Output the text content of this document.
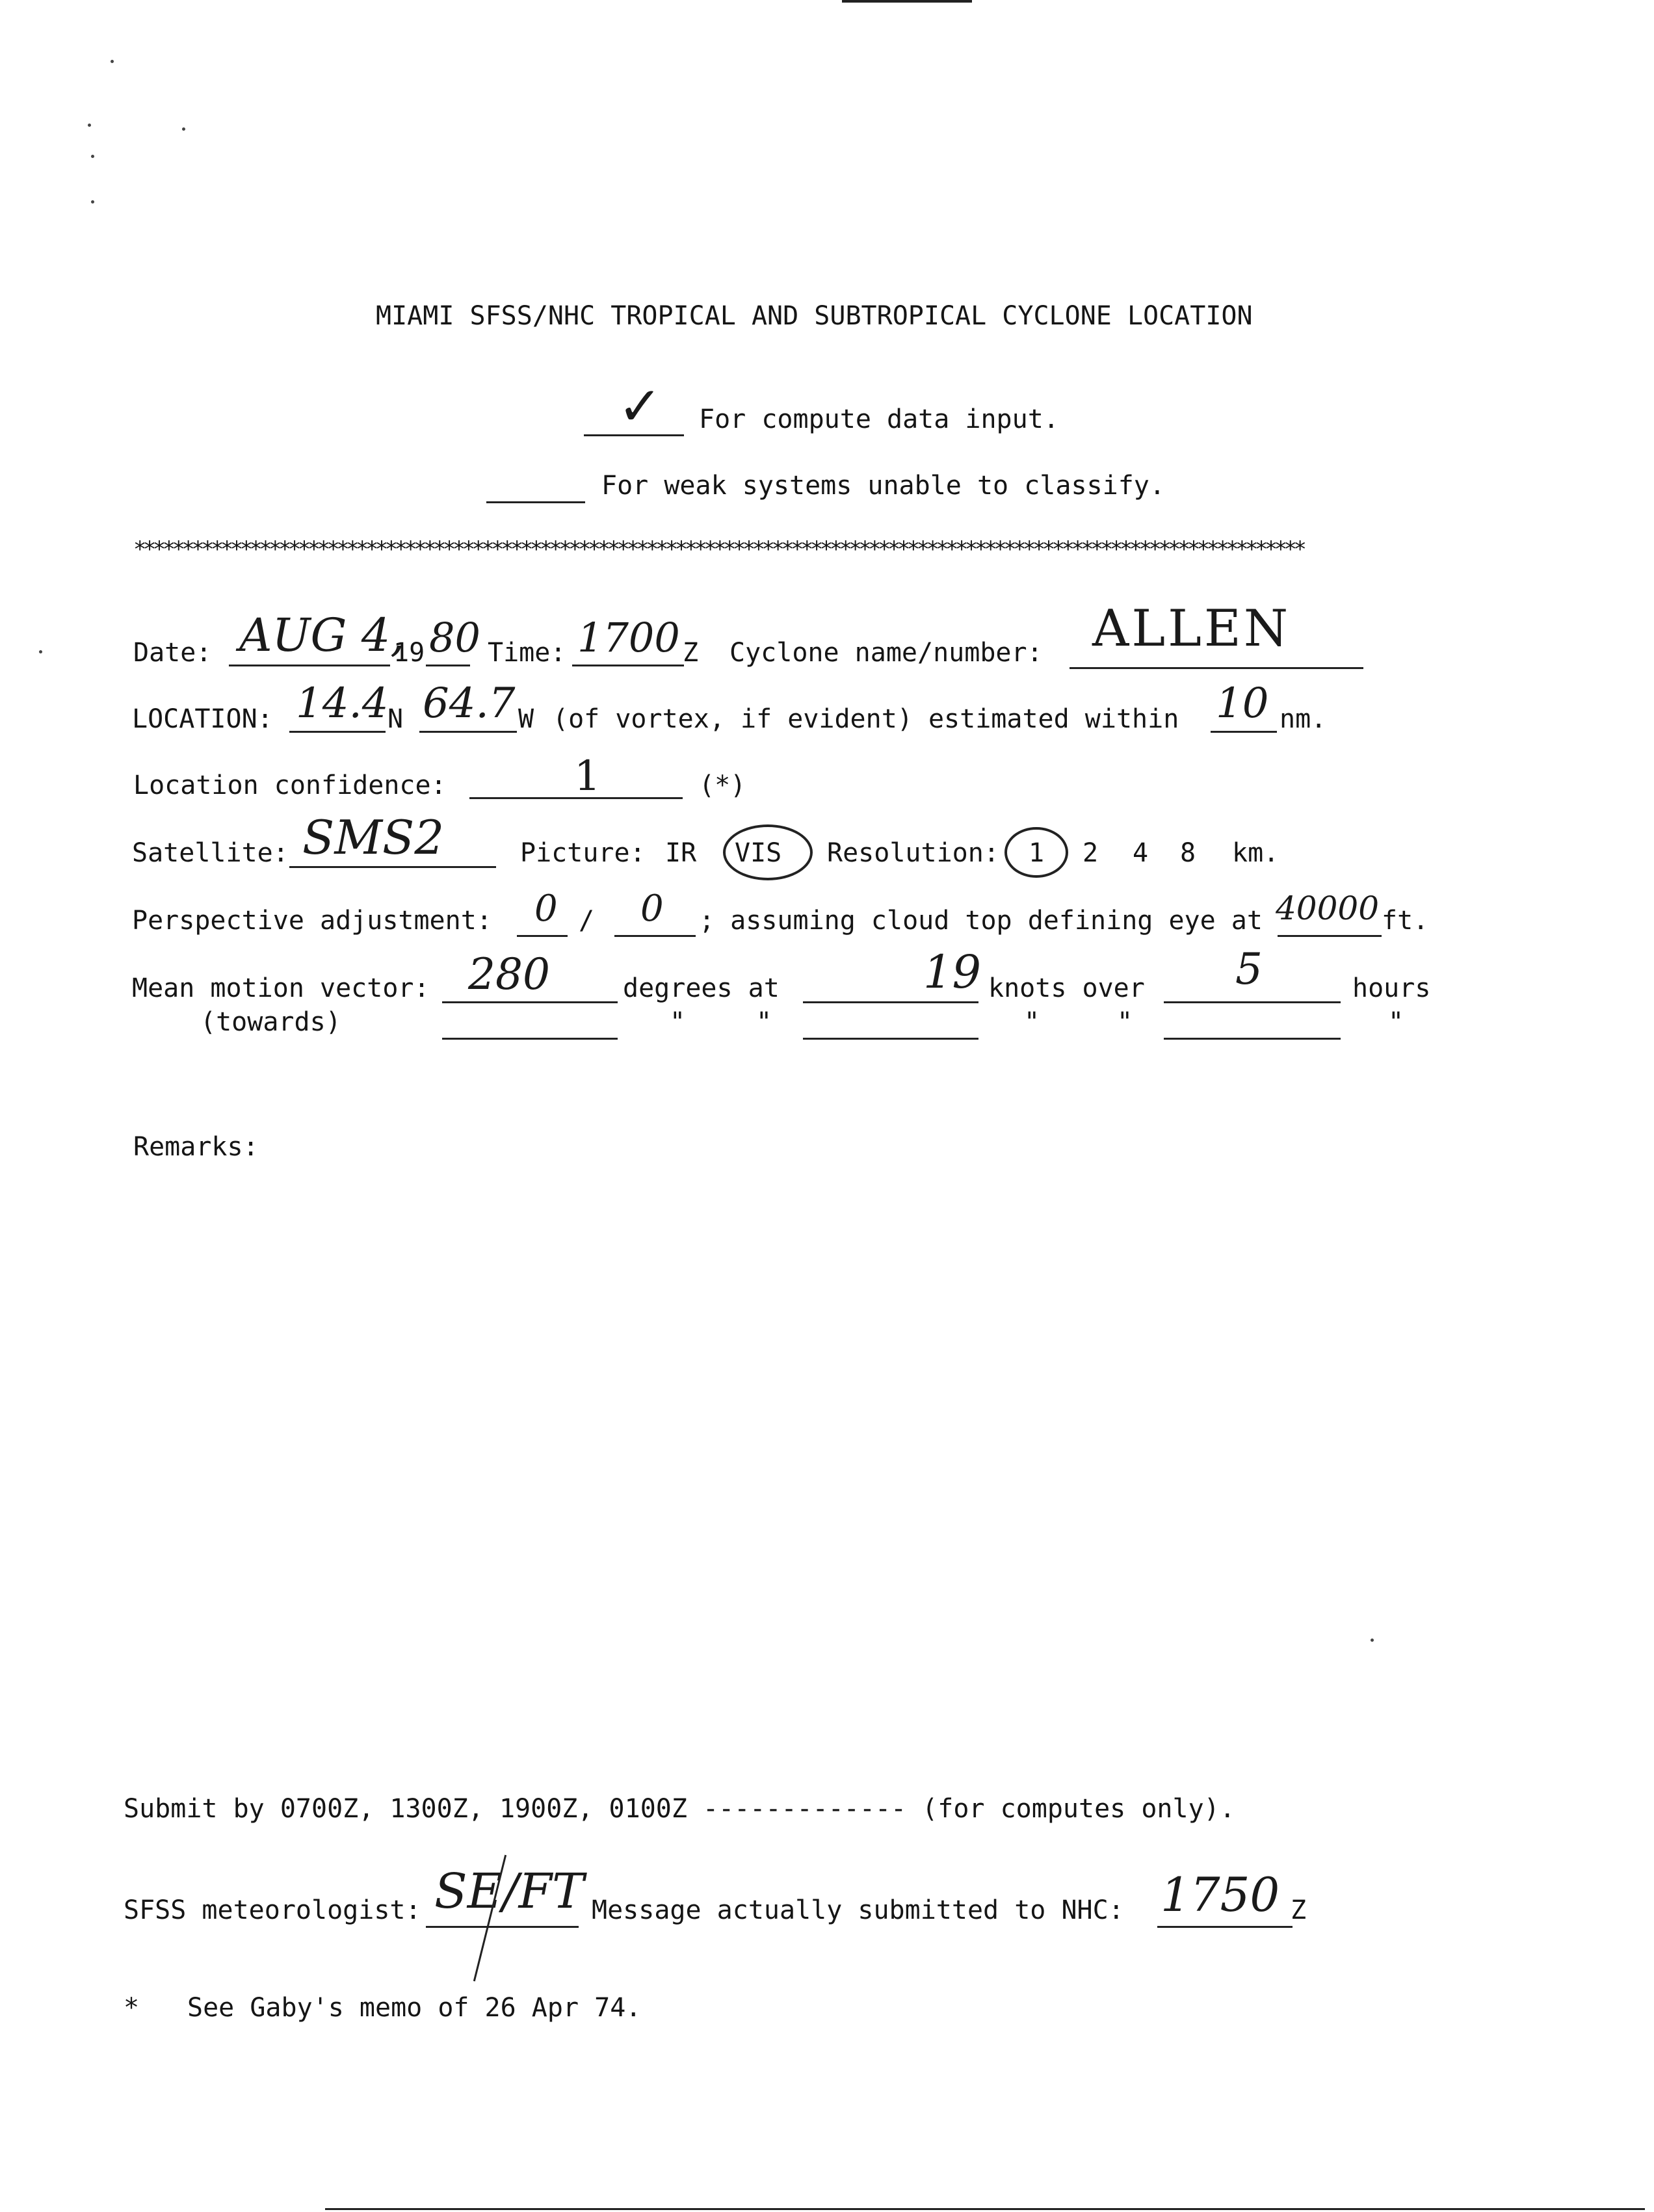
MIAMI SFSS/NHC TROPICAL AND SUBTROPICAL CYCLONE LOCATION
✓ For compute data input.
For weak systems unable to classify.
*************************************************************************************************************************
Date: AUG 4,
19 80 Time: 1700 Z Cyclone name/number: ALLEN
LOCATION: 14.4
N 64.7 W (of vortex, if evident) estimated within 10 nm.
Location confidence:	1	(*)
Satellite: SMS2	Picture: IR VIS Resolution: 1 2 4 8 km.
Perspective adjustment: 0 / 0 ; assuming cloud top defining eye at 40000 ft.
Mean motion vector: 280	degrees at	19 knots over 5	hours
(towards)	"	"	"	"	"
Remarks:
Submit by 0700Z, 1300Z, 1900Z, 0100Z ------------- (for computes only).
SFSS meteorologist: SE/FT Message actually submitted to NHC: 1750 Z
* See Gaby's memo of 26 Apr 74.
